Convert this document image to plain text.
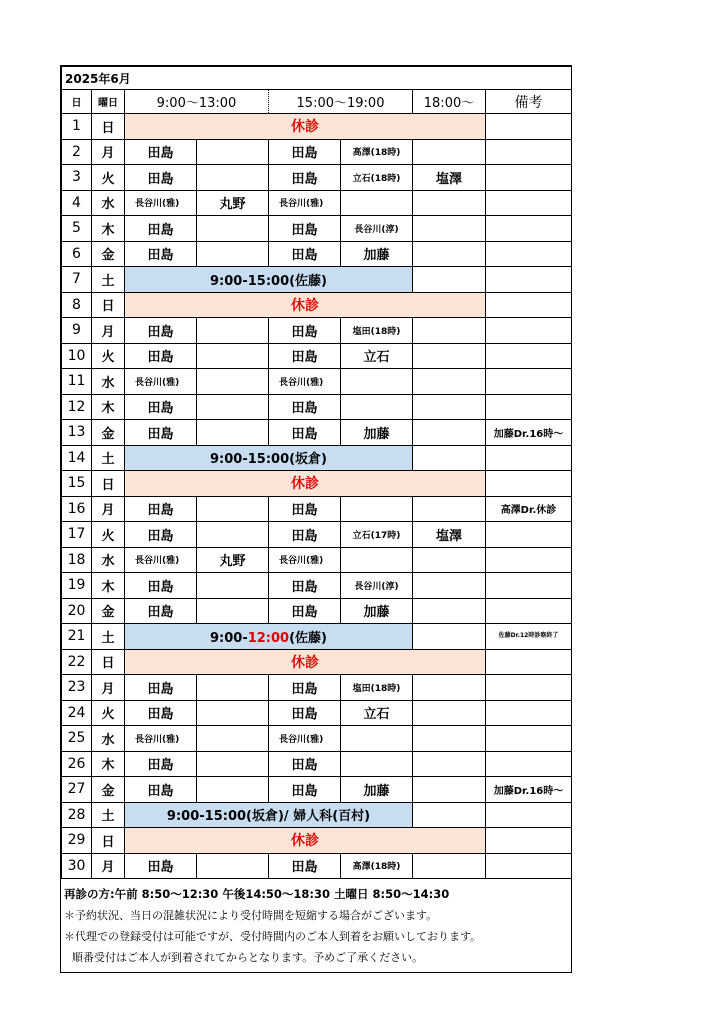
2025年6月							
日	曜日	9:00〜13:00		15:00〜19:00		18:00〜	備考
1	日	休診					
2	月	田島		田島	高澤(18時)		
3	火	田島		田島	立石(18時)	塩澤	
4	水	長谷川(雅)	丸野	長谷川(雅)			
5	木	田島		田島	長谷川(淳)		
6	金	田島		田島	加藤		
7	土	9:00-15:00(佐藤)					
8	日	休診					
9	月	田島		田島	塩田(18時)		
10	火	田島		田島	立石		
11	水	長谷川(雅)		長谷川(雅)			
12	木	田島		田島			
13	金	田島		田島	加藤		加藤Dr.16時〜
14	土	9:00-15:00(坂倉)					
15	日	休診					
16	月	田島		田島			高澤Dr.休診
17	火	田島		田島	立石(17時)	塩澤	
18	水	長谷川(雅)	丸野	長谷川(雅)			
19	木	田島		田島	長谷川(淳)		
20	金	田島		田島	加藤		
21	土	9:00-12:00(佐藤)					佐藤Dr.12時診察終了
22	日	休診					
23	月	田島		田島	塩田(18時)		
24	火	田島		田島	立石		
25	水	長谷川(雅)		長谷川(雅)			
26	木	田島		田島			
27	金	田島		田島	加藤		加藤Dr.16時〜
28	土	9:00-15:00(坂倉)/ 婦人科(百村)					
29	日	休診					
30	月	田島		田島	高澤(18時)		
再診の方:午前 8:50〜12:30 午後14:50〜18:30 土曜日 8:50〜14:30
＊予約状況、当日の混雑状況により受付時間を短縮する場合がございます。
＊代理での登録受付は可能ですが、受付時間内のご本人到着をお願いしております。
順番受付はご本人が到着されてからとなります。予めご了承ください。
